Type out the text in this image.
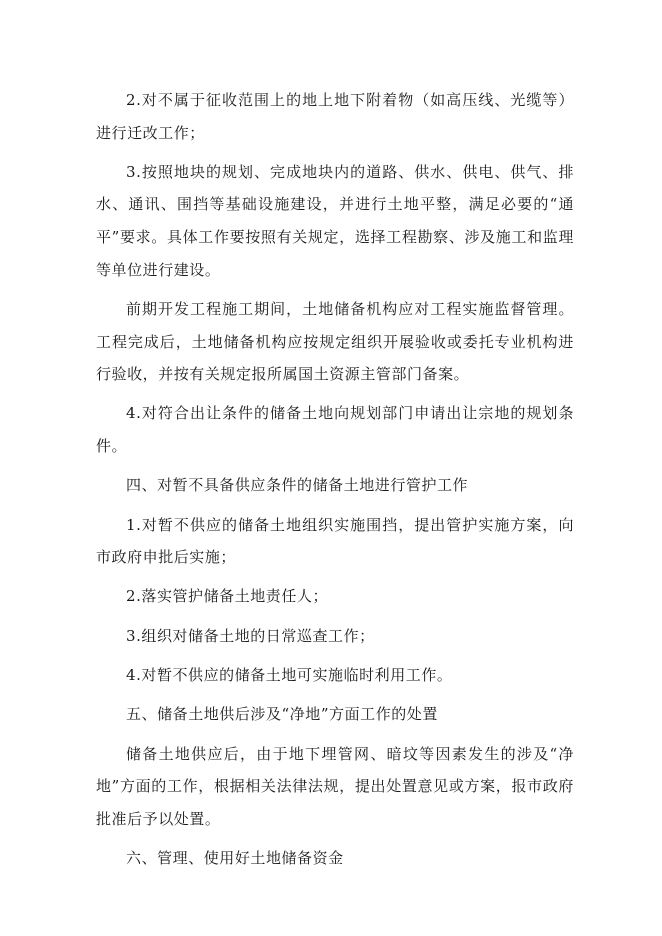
2.对不属于征收范围上的地上地下附着物（如高压线、光缆等）进行迁改工作；

3.按照地块的规划、完成地块内的道路、供水、供电、供气、排水、通讯、围挡等基础设施建设，并进行土地平整，满足必要的“通平”要求。具体工作要按照有关规定，选择工程勘察、涉及施工和监理等单位进行建设。

前期开发工程施工期间，土地储备机构应对工程实施监督管理。工程完成后，土地储备机构应按规定组织开展验收或委托专业机构进行验收，并按有关规定报所属国土资源主管部门备案。

4.对符合出让条件的储备土地向规划部门申请出让宗地的规划条件。

四、对暂不具备供应条件的储备土地进行管护工作

1.对暂不供应的储备土地组织实施围挡，提出管护实施方案，向市政府申批后实施；

2.落实管护储备土地责任人；

3.组织对储备土地的日常巡查工作；

4.对暂不供应的储备土地可实施临时利用工作。

五、储备土地供后涉及“净地”方面工作的处置

储备土地供应后，由于地下埋管网、暗坟等因素发生的涉及“净地”方面的工作，根据相关法律法规，提出处置意见或方案，报市政府批准后予以处置。

六、管理、使用好土地储备资金
